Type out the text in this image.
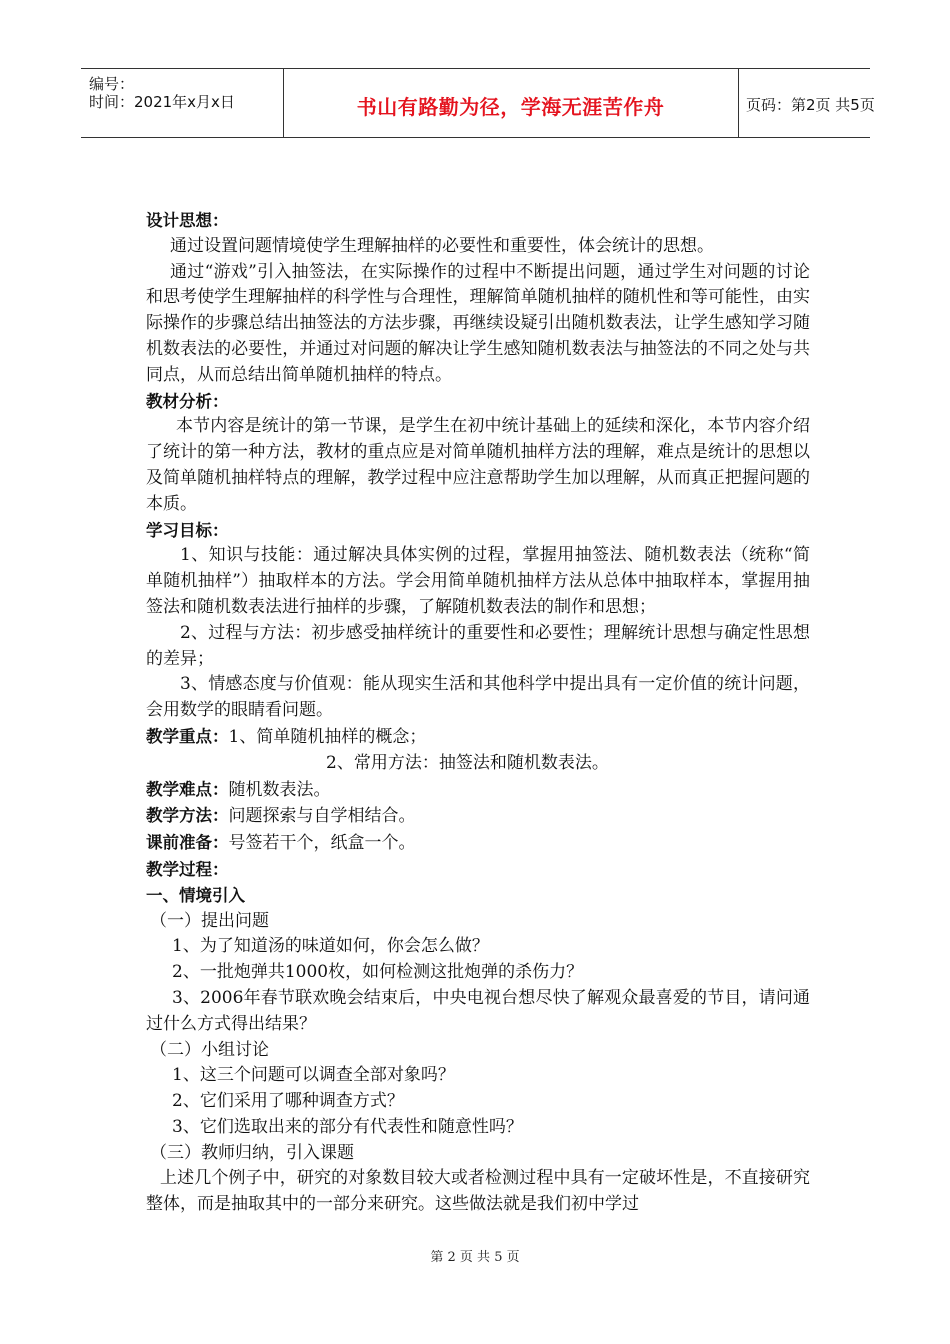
编号：
时间：2021年x月x日	书山有路勤为径，学海无涯苦作舟	页码：第2页 共5页

设计思想：

通过设置问题情境使学生理解抽样的必要性和重要性，体会统计的思想。

通过“游戏”引入抽签法，在实际操作的过程中不断提出问题，通过学生对问题的讨论和思考使学生理解抽样的科学性与合理性，理解简单随机抽样的随机性和等可能性，由实际操作的步骤总结出抽签法的方法步骤，再继续设疑引出随机数表法，让学生感知学习随机数表法的必要性，并通过对问题的解决让学生感知随机数表法与抽签法的不同之处与共同点，从而总结出简单随机抽样的特点。

教材分析：

本节内容是统计的第一节课，是学生在初中统计基础上的延续和深化，本节内容介绍了统计的第一种方法，教材的重点应是对简单随机抽样方法的理解，难点是统计的思想以及简单随机抽样特点的理解，教学过程中应注意帮助学生加以理解，从而真正把握问题的本质。

学习目标：

1、知识与技能：通过解决具体实例的过程，掌握用抽签法、随机数表法（统称“简单随机抽样”）抽取样本的方法。学会用简单随机抽样方法从总体中抽取样本，掌握用抽签法和随机数表法进行抽样的步骤，了解随机数表法的制作和思想；

2、过程与方法：初步感受抽样统计的重要性和必要性；理解统计思想与确定性思想的差异；

3、情感态度与价值观：能从现实生活和其他科学中提出具有一定价值的统计问题，会用数学的眼睛看问题。

教学重点：1、简单随机抽样的概念；

2、常用方法：抽签法和随机数表法。

教学难点：随机数表法。

教学方法：问题探索与自学相结合。

课前准备：号签若干个，纸盒一个。

教学过程：

一、情境引入

（一）提出问题

1、为了知道汤的味道如何，你会怎么做？

2、一批炮弹共1000枚，如何检测这批炮弹的杀伤力？

3、2006年春节联欢晚会结束后，中央电视台想尽快了解观众最喜爱的节目，请问通过什么方式得出结果？

（二）小组讨论

1、这三个问题可以调查全部对象吗？

2、它们采用了哪种调查方式？

3、它们选取出来的部分有代表性和随意性吗？

（三）教师归纳，引入课题

上述几个例子中，研究的对象数目较大或者检测过程中具有一定破坏性是，不直接研究整体，而是抽取其中的一部分来研究。这些做法就是我们初中学过

第 2 页 共 5 页
